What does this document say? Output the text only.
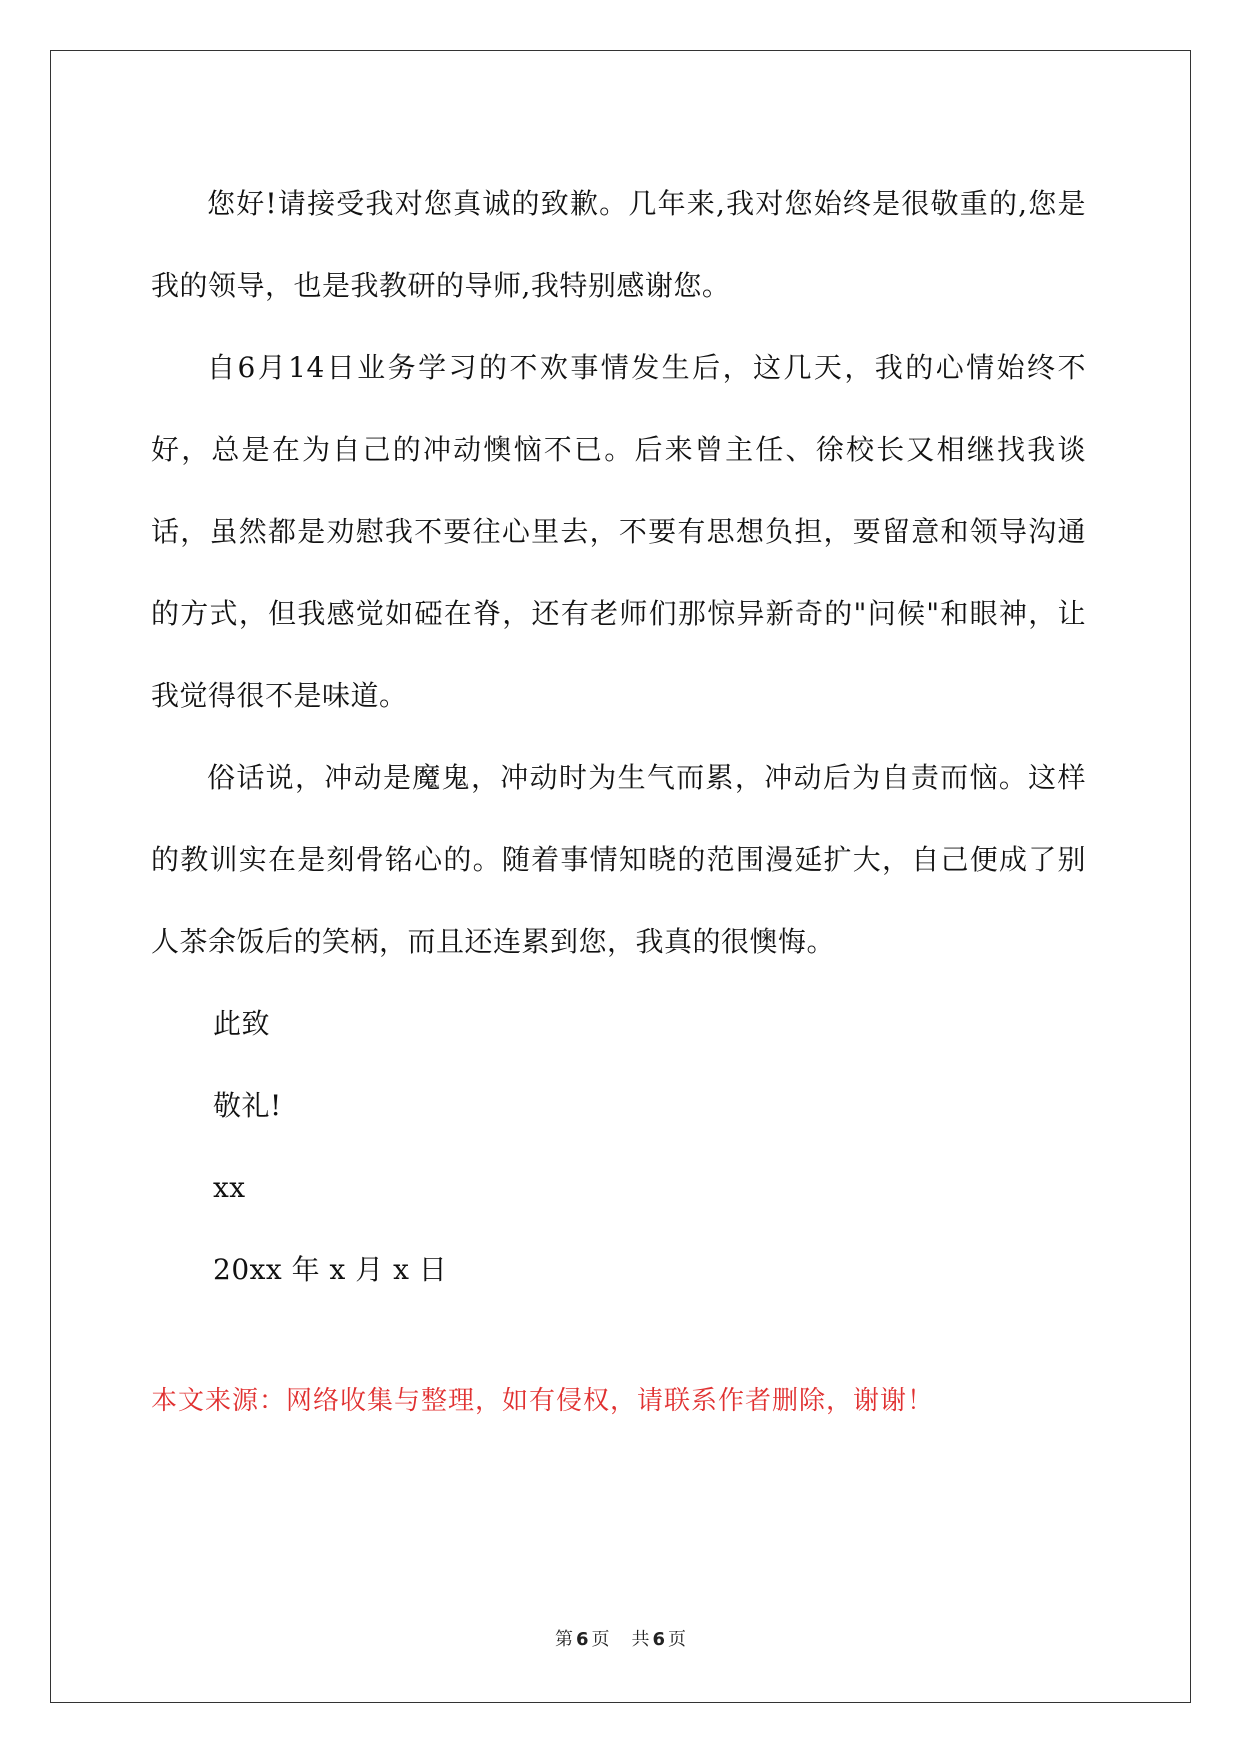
您好!请接受我对您真诚的致歉。几年来,我对您始终是很敬重的,您是我的领导，也是我教研的导师,我特别感谢您。

自6月14日业务学习的不欢事情发生后，这几天，我的心情始终不好，总是在为自己的冲动懊恼不已。后来曾主任、徐校长又相继找我谈话，虽然都是劝慰我不要往心里去，不要有思想负担，要留意和领导沟通的方式，但我感觉如䃁在脊，还有老师们那惊异新奇的"问候"和眼神，让我觉得很不是味道。

俗话说，冲动是魔鬼，冲动时为生气而累，冲动后为自责而恼。这样的教训实在是刻骨铭心的。随着事情知晓的范围漫延扩大，自己便成了别人茶余饭后的笑柄，而且还连累到您，我真的很懊悔。

此致

敬礼!

xx

20xx 年 x 月 x 日

本文来源：网络收集与整理，如有侵权，请联系作者删除，谢谢！

第 6 页 共 6 页
